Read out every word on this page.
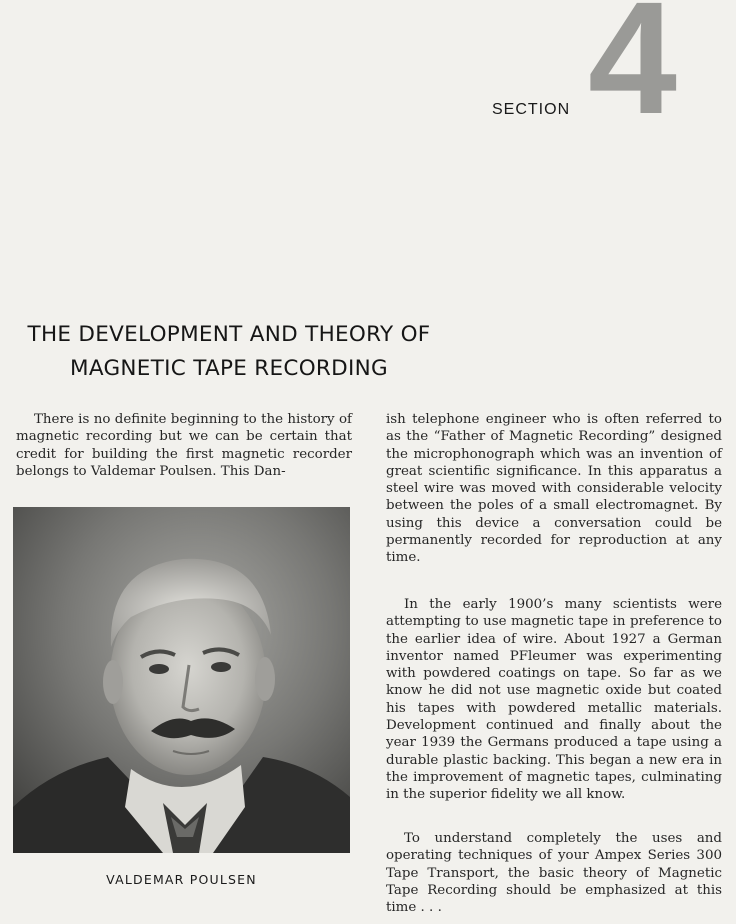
SECTION 4
THE DEVELOPMENT AND THEORY OF
MAGNETIC TAPE RECORDING

There is no definite beginning to the history of magnetic recording but we can be certain that credit for building the first magnetic recorder belongs to Valdemar Poulsen. This Dan-

VALDEMAR POULSEN

ish telephone engineer who is often referred to as the “Father of Magnetic Recording” designed the microphonograph which was an invention of great scientific significance. In this apparatus a steel wire was moved with considerable velocity between the poles of a small electromagnet. By using this device a conversation could be permanently recorded for reproduction at any time.

In the early 1900’s many scientists were attempting to use magnetic tape in preference to the earlier idea of wire. About 1927 a German inventor named PFleumer was experimenting with powdered coatings on tape. So far as we know he did not use magnetic oxide but coated his tapes with powdered metallic materials. Development continued and finally about the year 1939 the Germans produced a tape using a durable plastic backing. This began a new era in the improvement of magnetic tapes, culminating in the superior fidelity we all know.

To understand completely the uses and operating techniques of your Ampex Series 300 Tape Transport, the basic theory of Magnetic Tape Recording should be emphasized at this time . . .
